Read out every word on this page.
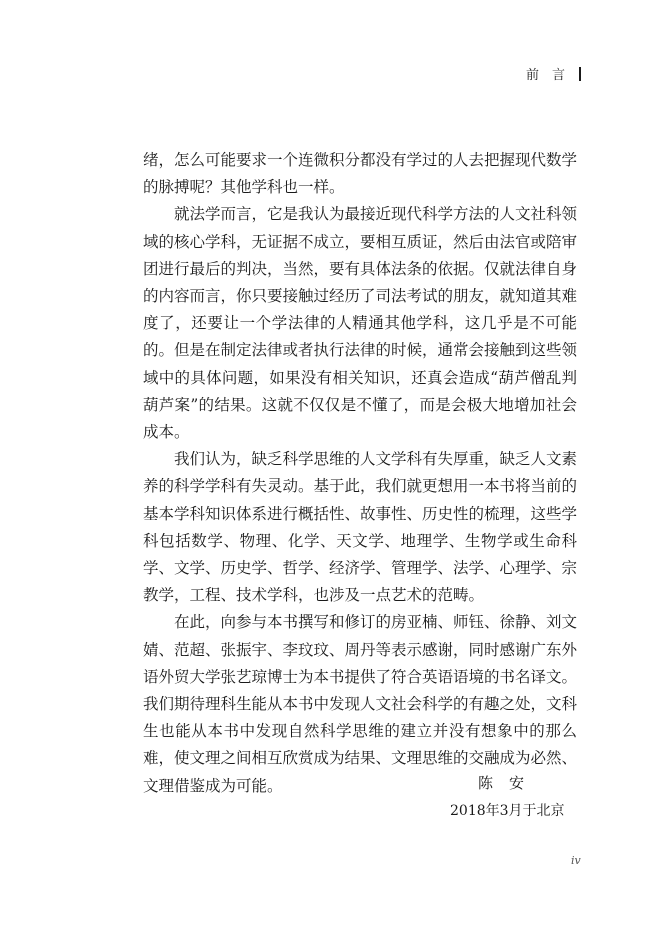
前　言

绪，怎么可能要求一个连微积分都没有学过的人去把握现代数学的脉搏呢？其他学科也一样。

就法学而言，它是我认为最接近现代科学方法的人文社科领域的核心学科，无证据不成立，要相互质证，然后由法官或陪审团进行最后的判决，当然，要有具体法条的依据。仅就法律自身的内容而言，你只要接触过经历了司法考试的朋友，就知道其难度了，还要让一个学法律的人精通其他学科，这几乎是不可能的。但是在制定法律或者执行法律的时候，通常会接触到这些领域中的具体问题，如果没有相关知识，还真会造成“葫芦僧乱判葫芦案”的结果。这就不仅仅是不懂了，而是会极大地增加社会成本。

我们认为，缺乏科学思维的人文学科有失厚重，缺乏人文素养的科学学科有失灵动。基于此，我们就更想用一本书将当前的基本学科知识体系进行概括性、故事性、历史性的梳理，这些学科包括数学、物理、化学、天文学、地理学、生物学或生命科学、文学、历史学、哲学、经济学、管理学、法学、心理学、宗教学，工程、技术学科，也涉及一点艺术的范畴。

在此，向参与本书撰写和修订的房亚楠、师钰、徐静、刘文婧、范超、张振宇、李玟玟、周丹等表示感谢，同时感谢广东外语外贸大学张艺琼博士为本书提供了符合英语语境的书名译文。我们期待理科生能从本书中发现人文社会科学的有趣之处，文科生也能从本书中发现自然科学思维的建立并没有想象中的那么难，使文理之间相互欣赏成为结果、文理思维的交融成为必然、文理借鉴成为可能。	陈安
2018年3月于北京
iv
